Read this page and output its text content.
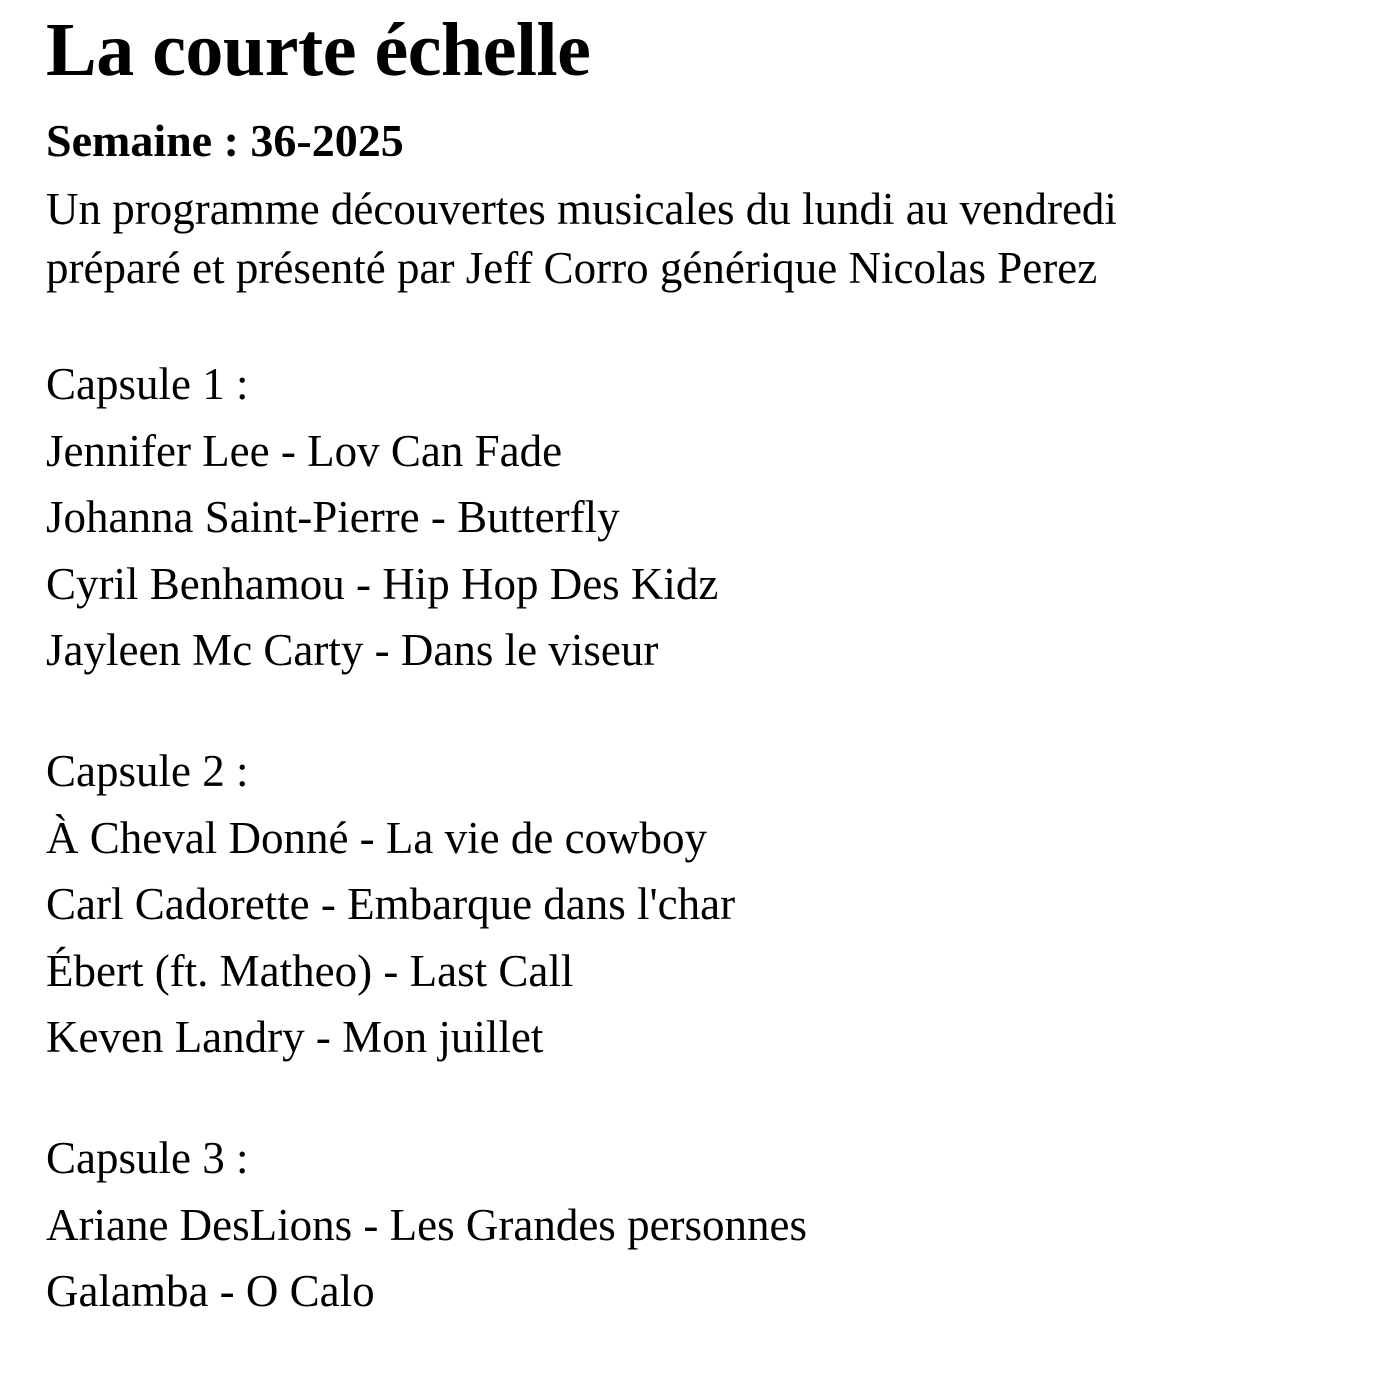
La courte échelle
Semaine : 36-2025

Un programme découvertes musicales du lundi au vendredi
préparé et présenté par Jeff Corro générique Nicolas Perez

Capsule 1 :
Jennifer Lee - Lov Can Fade
Johanna Saint-Pierre - Butterfly
Cyril Benhamou - Hip Hop Des Kidz
Jayleen Mc Carty - Dans le viseur
Capsule 2 :
À Cheval Donné - La vie de cowboy
Carl Cadorette - Embarque dans l'char
Ébert (ft. Matheo) - Last Call
Keven Landry - Mon juillet
Capsule 3 :
Ariane DesLions - Les Grandes personnes
Galamba - O Calo
